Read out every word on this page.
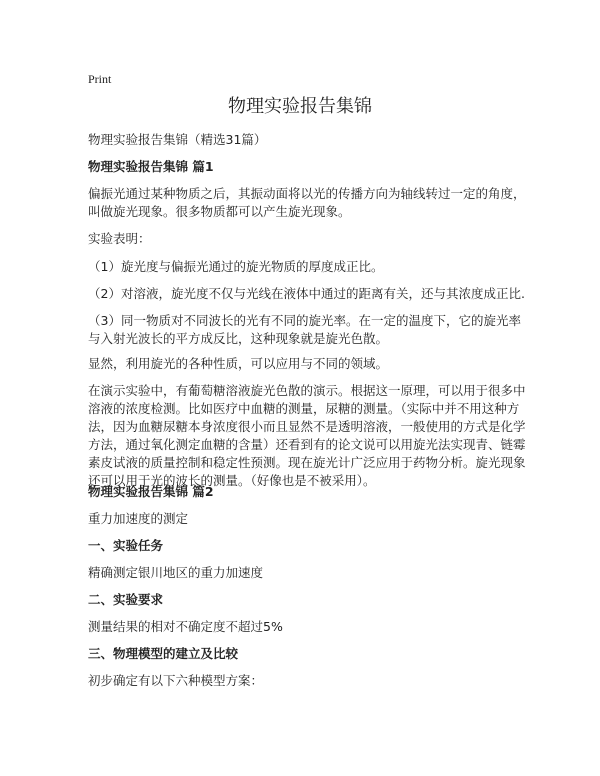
Print
物理实验报告集锦

物理实验报告集锦（精选31篇）

物理实验报告集锦 篇1

偏振光通过某种物质之后，其振动面将以光的传播方向为轴线转过一定的角度，叫做旋光现象。很多物质都可以产生旋光现象。

实验表明：

（1）旋光度与偏振光通过的旋光物质的厚度成正比。

（2）对溶液，旋光度不仅与光线在液体中通过的距离有关，还与其浓度成正比.

（3）同一物质对不同波长的光有不同的旋光率。在一定的温度下，它的旋光率与入射光波长的平方成反比，这种现象就是旋光色散。

显然，利用旋光的各种性质，可以应用与不同的领域。

在演示实验中，有葡萄糖溶液旋光色散的演示。根据这一原理，可以用于很多中溶液的浓度检测。比如医疗中血糖的测量，尿糖的测量。（实际中并不用这种方法，因为血糖尿糖本身浓度很小而且显然不是透明溶液，一般使用的方式是化学方法，通过氧化测定血糖的含量）还看到有的论文说可以用旋光法实现青、链霉素皮试液的质量控制和稳定性预测。现在旋光计广泛应用于药物分析。旋光现象还可以用于光的波长的测量。（好像也是不被采用）。

物理实验报告集锦 篇2

重力加速度的测定

一、实验任务

精确测定银川地区的重力加速度

二、实验要求

测量结果的相对不确定度不超过5%

三、物理模型的建立及比较

初步确定有以下六种模型方案：
